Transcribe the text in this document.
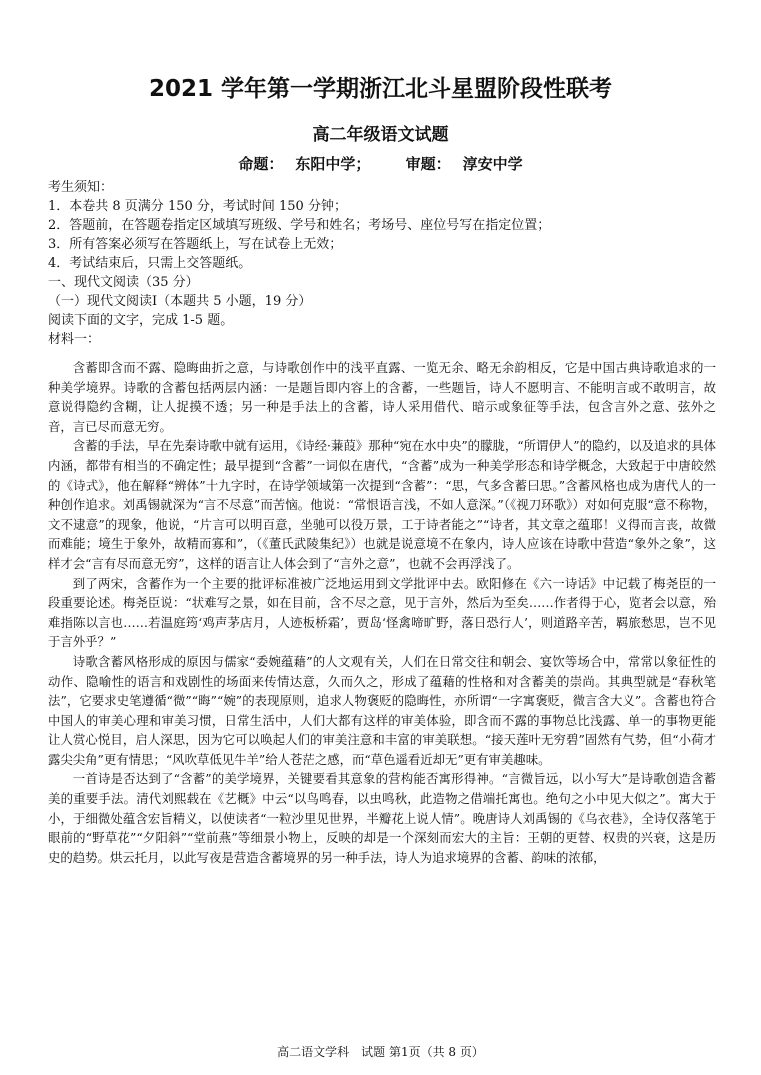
2021 学年第一学期浙江北斗星盟阶段性联考
高二年级语文试题
命题： 东阳中学； 审题： 淳安中学
考生须知：
1．本卷共 8 页满分 150 分，考试时间 150 分钟；
2．答题前，在答题卷指定区域填写班级、学号和姓名；考场号、座位号写在指定位置；
3．所有答案必须写在答题纸上，写在试卷上无效；
4．考试结束后，只需上交答题纸。
一、现代文阅读（35 分）
（一）现代文阅读Ⅰ（本题共 5 小题，19 分）
阅读下面的文字，完成 1-5 题。
材料一：

含蓄即含而不露、隐晦曲折之意，与诗歌创作中的浅平直露、一览无余、略无余韵相反，它是中国古典诗歌追求的一种美学境界。诗歌的含蓄包括两层内涵：一是题旨即内容上的含蓄，一些题旨，诗人不愿明言、不能明言或不敢明言，故意说得隐约含糊，让人捉摸不透；另一种是手法上的含蓄，诗人采用借代、暗示或象征等手法，包含言外之意、弦外之音，言已尽而意无穷。

含蓄的手法，早在先秦诗歌中就有运用，《诗经·蒹葭》那种“宛在水中央”的朦胧，“所谓伊人”的隐约，以及追求的具体内涵，都带有相当的不确定性；最早提到“含蓄”一词似在唐代，“含蓄”成为一种美学形态和诗学概念，大致起于中唐皎然的《诗式》，他在解释“辨体”十九字时，在诗学领域第一次提到“含蓄”：“思，气多含蓄曰思。”含蓄风格也成为唐代人的一种创作追求。刘禹锡就深为“言不尽意”而苦恼。他说：“常恨语言浅，不如人意深。”（《视刀环歌》）对如何克服“意不称物，文不逮意”的现象，他说，“片言可以明百意，坐驰可以役万景，工于诗者能之”“诗者，其文章之蕴耶！义得而言丧，故微而难能；境生于象外，故精而寡和”，（《董氏武陵集纪》）也就是说意境不在象内，诗人应该在诗歌中营造“象外之象”，这样才会“言有尽而意无穷”，这样的语言让人体会到了“言外之意”，也就不会再浮浅了。

到了两宋，含蓄作为一个主要的批评标准被广泛地运用到文学批评中去。欧阳修在《六一诗话》中记载了梅尧臣的一段重要论述。梅尧臣说：“状难写之景，如在目前，含不尽之意，见于言外，然后为至矣……作者得于心，览者会以意，殆难指陈以言也……若温庭筠‘鸡声茅店月，人迹板桥霜’，贾岛‘怪禽啼旷野，落日恐行人’，则道路辛苦，羁旅愁思，岂不见于言外乎？”

诗歌含蓄风格形成的原因与儒家“委婉蕴藉”的人文观有关，人们在日常交往和朝会、宴饮等场合中，常常以象征性的动作、隐喻性的语言和戏剧性的场面来传情达意，久而久之，形成了蕴藉的性格和对含蓄美的崇尚。其典型就是“春秋笔法”，它要求史笔遵循“微”“晦”“婉”的表现原则，追求人物褒贬的隐晦性，亦所谓“一字寓褒贬，微言含大义”。含蓄也符合中国人的审美心理和审美习惯，日常生活中，人们大都有这样的审美体验，即含而不露的事物总比浅露、单一的事物更能让人赏心悦目，启人深思，因为它可以唤起人们的审美注意和丰富的审美联想。“接天莲叶无穷碧”固然有气势，但“小荷才露尖尖角”更有情思；“风吹草低见牛羊”给人苍茫之感，而“草色遥看近却无”更有审美趣味。

一首诗是否达到了“含蓄”的美学境界，关键要看其意象的营构能否寓形得神。“言微旨远，以小写大”是诗歌创造含蓄美的重要手法。清代刘熙载在《艺概》中云“以鸟鸣春，以虫鸣秋，此造物之借端托寓也。绝句之小中见大似之”。寓大于小，于细微处蕴含宏旨精义，以使读者“一粒沙里见世界，半瓣花上说人情”。晚唐诗人刘禹锡的《乌衣巷》，全诗仅落笔于眼前的“野草花”“夕阳斜”“堂前燕”等细景小物上，反映的却是一个深刻而宏大的主旨：王朝的更替、权贵的兴衰，这是历史的趋势。烘云托月，以此写夜是营造含蓄境界的另一种手法，诗人为追求境界的含蓄、韵味的浓郁，

高二语文学科　试题 第1页（共 8 页）
